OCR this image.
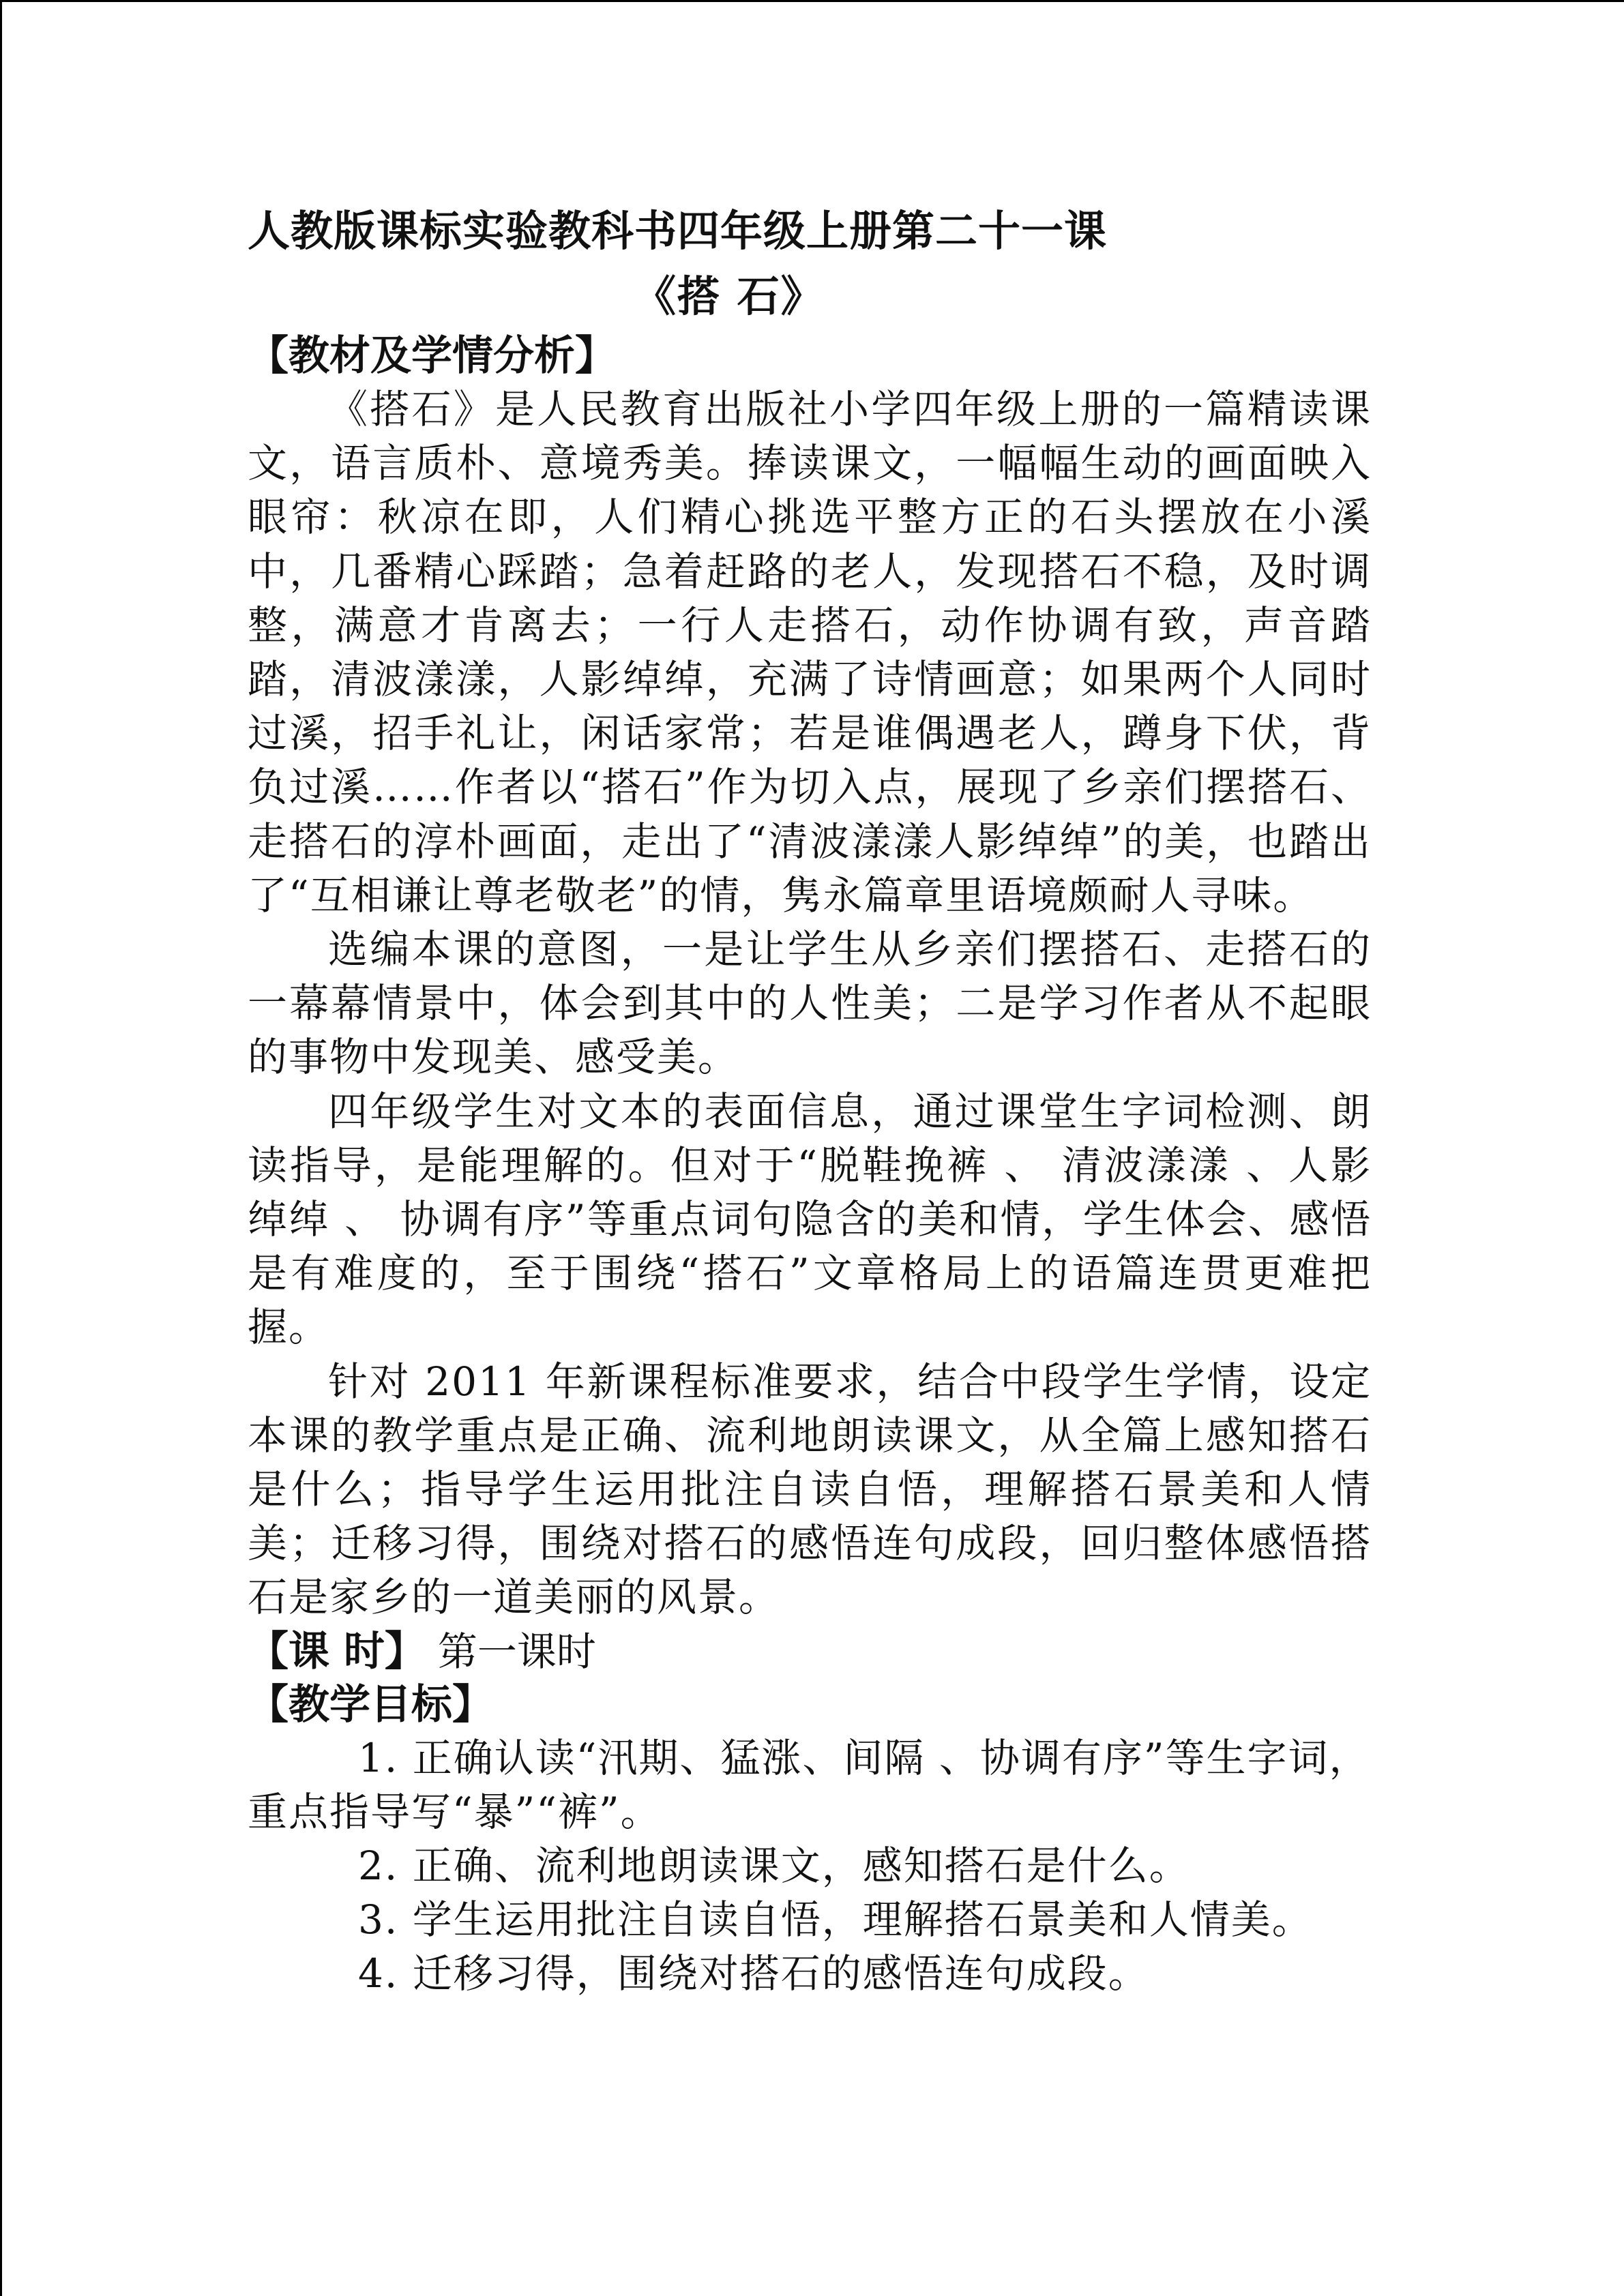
人教版课标实验教科书四年级上册第二十一课
《搭 石》
【教材及学情分析】

《搭石》是人民教育出版社小学四年级上册的一篇精读课文，语言质朴、意境秀美。捧读课文，一幅幅生动的画面映入眼帘：秋凉在即，人们精心挑选平整方正的石头摆放在小溪中，几番精心踩踏；急着赶路的老人，发现搭石不稳，及时调整，满意才肯离去；一行人走搭石，动作协调有致，声音踏踏，清波漾漾，人影绰绰，充满了诗情画意；如果两个人同时过溪，招手礼让，闲话家常；若是谁偶遇老人，蹲身下伏，背负过溪……作者以“搭石”作为切入点，展现了乡亲们摆搭石、走搭石的淳朴画面，走出了“清波漾漾人影绰绰”的美，也踏出了“互相谦让尊老敬老”的情，隽永篇章里语境颇耐人寻味。

选编本课的意图，一是让学生从乡亲们摆搭石、走搭石的一幕幕情景中，体会到其中的人性美；二是学习作者从不起眼的事物中发现美、感受美。

四年级学生对文本的表面信息，通过课堂生字词检测、朗读指导，是能理解的。但对于“脱鞋挽裤 、 清波漾漾 、人影绰绰 、 协调有序”等重点词句隐含的美和情，学生体会、感悟是有难度的，至于围绕“搭石”文章格局上的语篇连贯更难把握。

针对 2011 年新课程标准要求，结合中段学生学情，设定本课的教学重点是正确、流利地朗读课文，从全篇上感知搭石是什么；指导学生运用批注自读自悟，理解搭石景美和人情美；迁移习得，围绕对搭石的感悟连句成段，回归整体感悟搭石是家乡的一道美丽的风景。

【课 时】 第一课时

【教学目标】

1. 正确认读“汛期、猛涨、间隔 、协调有序”等生字词，重点指导写“暴”“裤”。

2. 正确、流利地朗读课文，感知搭石是什么。

3. 学生运用批注自读自悟，理解搭石景美和人情美。

4. 迁移习得，围绕对搭石的感悟连句成段。
